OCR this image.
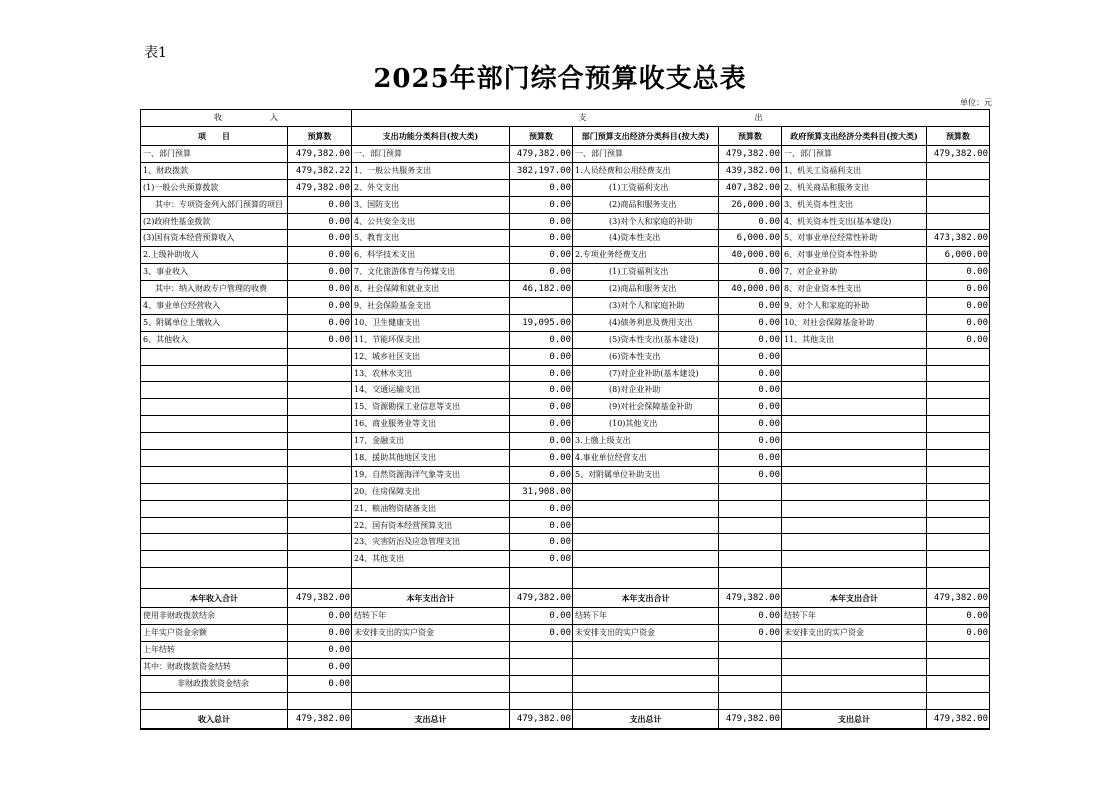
表1
2025年部门综合预算收支总表
单位：元
收　　　　　　入		支　　　　　　　　　　　　　　　　　　　　　出					
项　　目	预算数	支出功能分类科目(按大类)	预算数	部门预算支出经济分类科目(按大类)	预算数	政府预算支出经济分类科目(按大类)	预算数
一、部门预算	479,382.00	一、部门预算	479,382.00	一、部门预算	479,382.00	一、部门预算	479,382.00
1、财政拨款	479,382.22	1、一般公共服务支出	382,197.00	1.人员经费和公用经费支出	439,382.00	1、机关工资福利支出	
(1)一般公共预算拨款	479,382.00	2、外交支出	0.00	(1)工资福利支出	407,382.00	2、机关商品和服务支出	
其中：专项资金列入部门预算的项目	0.00	3、国防支出	0.00	(2)商品和服务支出	26,000.00	3、机关资本性支出	
(2)政府性基金拨款	0.00	4、公共安全支出	0.00	(3)对个人和家庭的补助	0.00	4、机关资本性支出(基本建设)	
(3)国有资本经营预算收入	0.00	5、教育支出	0.00	(4)资本性支出	6,000.00	5、对事业单位经常性补助	473,382.00
2.上级补助收入	0.00	6、科学技术支出	0.00	2.专项业务经费支出	40,000.00	6、对事业单位资本性补助	6,000.00
3、事业收入	0.00	7、文化旅游体育与传媒支出	0.00	(1)工资福利支出	0.00	7、对企业补助	0.00
其中：纳入财政专户管理的收费	0.00	8、社会保障和就业支出	46,182.00	(2)商品和服务支出	40,000.00	8、对企业资本性支出	0.00
4、事业单位经营收入	0.00	9、社会保险基金支出		(3)对个人和家庭补助	0.00	9、对个人和家庭的补助	0.00
5、附属单位上缴收入	0.00	10、卫生健康支出	19,095.00	(4)债务利息及费用支出	0.00	10、对社会保障基金补助	0.00
6、其他收入	0.00	11、节能环保支出	0.00	(5)资本性支出(基本建设)	0.00	11、其他支出	0.00
		12、城乡社区支出	0.00	(6)资本性支出	0.00		
		13、农林水支出	0.00	(7)对企业补助(基本建设)	0.00		
		14、交通运输支出	0.00	(8)对企业补助	0.00		
		15、资源勘探工业信息等支出	0.00	(9)对社会保障基金补助	0.00		
		16、商业服务业等支出	0.00	(10)其他支出	0.00		
		17、金融支出	0.00	3.上缴上级支出	0.00		
		18、援助其他地区支出	0.00	4.事业单位经营支出	0.00		
		19、自然资源海洋气象等支出	0.00	5、对附属单位补助支出	0.00		
		20、住房保障支出	31,908.00				
		21、粮油物资储备支出	0.00				
		22、国有资本经营预算支出	0.00				
		23、灾害防治及应急管理支出	0.00				
		24、其他支出	0.00				

本年收入合计	479,382.00	本年支出合计	479,382.00	本年支出合计	479,382.00	本年支出合计	479,382.00
使用非财政拨款结余	0.00	结转下年	0.00	结转下年	0.00	结转下年	0.00
上年实户资金余额	0.00	未安排支出的实户资金	0.00	未安排支出的实户资金	0.00	未安排支出的实户资金	0.00
上年结转	0.00						
其中：财政拨款资金结转	0.00						
非财政拨款资金结余	0.00						

收入总计	479,382.00	支出总计	479,382.00	支出总计	479,382.00	支出总计	479,382.00
